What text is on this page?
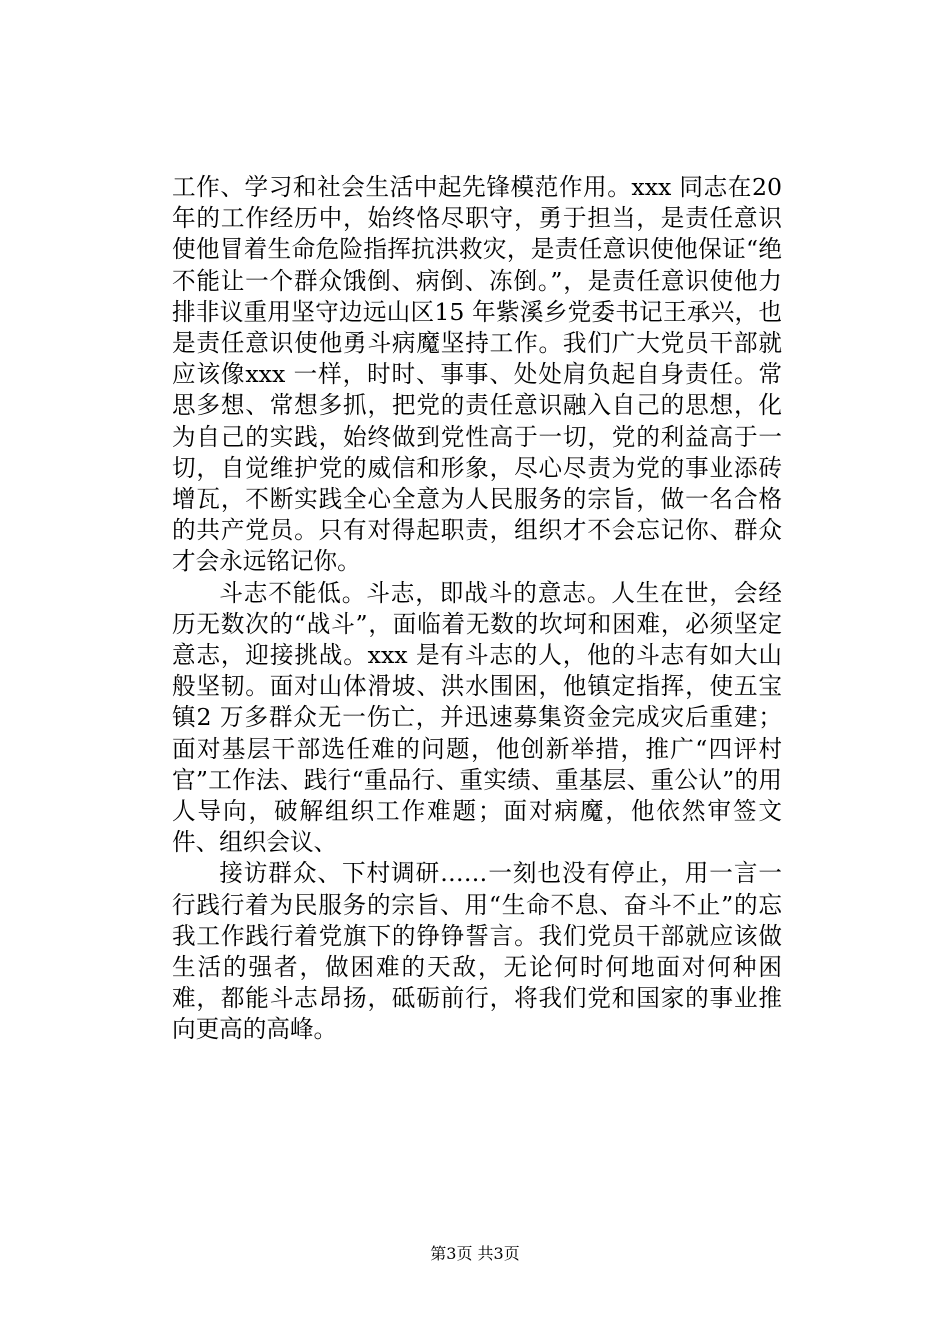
工作、学习和社会生活中起先锋模范作用。xxx 同志在20 年的工作经历中，始终恪尽职守，勇于担当，是责任意识使他冒着生命危险指挥抗洪救灾，是责任意识使他保证“绝不能让一个群众饿倒、病倒、冻倒。”，是责任意识使他力排非议重用坚守边远山区15 年紫溪乡党委书记王承兴，也是责任意识使他勇斗病魔坚持工作。我们广大党员干部就应该像xxx 一样，时时、事事、处处肩负起自身责任。常思多想、常想多抓，把党的责任意识融入自己的思想，化为自己的实践，始终做到党性高于一切，党的利益高于一切，自觉维护党的威信和形象，尽心尽责为党的事业添砖增瓦，不断实践全心全意为人民服务的宗旨，做一名合格的共产党员。只有对得起职责，组织才不会忘记你、群众才会永远铭记你。

斗志不能低。斗志，即战斗的意志。人生在世，会经历无数次的“战斗”，面临着无数的坎坷和困难，必须坚定意志，迎接挑战。xxx 是有斗志的人，他的斗志有如大山般坚韧。面对山体滑坡、洪水围困，他镇定指挥，使五宝镇2 万多群众无一伤亡，并迅速募集资金完成灾后重建；面对基层干部选任难的问题，他创新举措，推广“四评村官”工作法、践行“重品行、重实绩、重基层、重公认”的用人导向，破解组织工作难题；面对病魔，他依然审签文件、组织会议、

接访群众、下村调研……一刻也没有停止，用一言一行践行着为民服务的宗旨、用“生命不息、奋斗不止”的忘我工作践行着党旗下的铮铮誓言。我们党员干部就应该做生活的强者，做困难的天敌，无论何时何地面对何种困难，都能斗志昂扬，砥砺前行，将我们党和国家的事业推向更高的高峰。

第3页 共3页
